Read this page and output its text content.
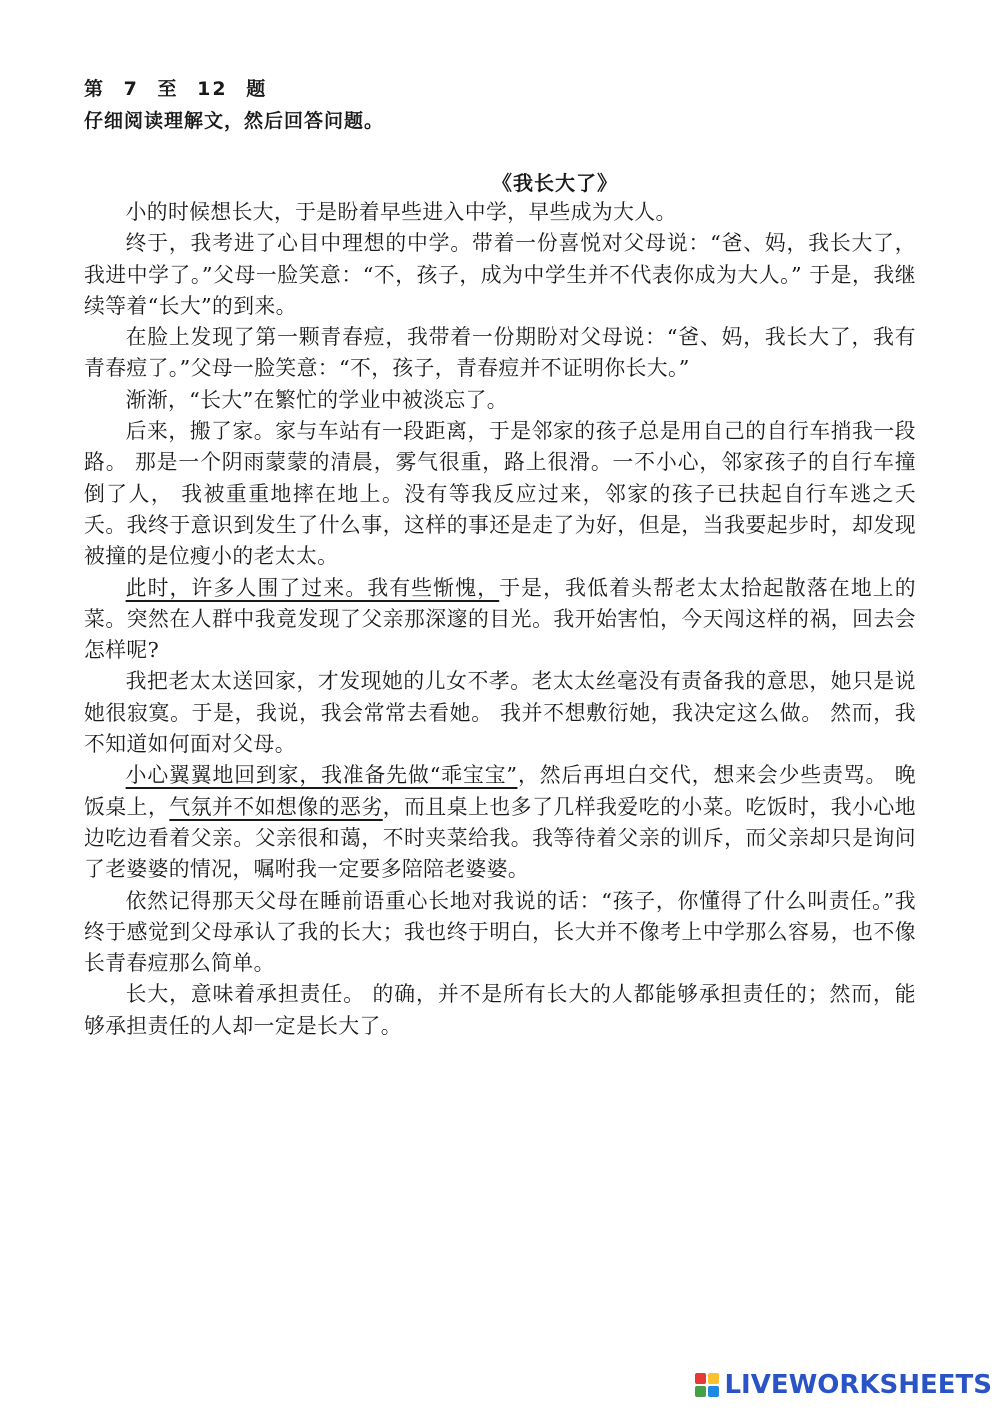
第 7 至 12 题
仔细阅读理解文，然后回答问题。
《我长大了》

小的时候想长大，于是盼着早些进入中学，早些成为大人。

终于，我考进了心目中理想的中学。带着一份喜悦对父母说：“爸、妈，我长大了，我进中学了。”父母一脸笑意：“不，孩子，成为中学生并不代表你成为大人。” 于是，我继续等着“长大”的到来。

在脸上发现了第一颗青春痘，我带着一份期盼对父母说：“爸、妈，我长大了，我有青春痘了。”父母一脸笑意：“不，孩子，青春痘并不证明你长大。”

渐渐，“长大”在繁忙的学业中被淡忘了。

后来，搬了家。家与车站有一段距离，于是邻家的孩子总是用自己的自行车捎我一段路。 那是一个阴雨蒙蒙的清晨，雾气很重，路上很滑。一不小心，邻家孩子的自行车撞倒了人， 我被重重地摔在地上。没有等我反应过来，邻家的孩子已扶起自行车逃之夭夭。我终于意识到发生了什么事，这样的事还是走了为好，但是，当我要起步时，却发现被撞的是位瘦小的老太太。

此时，许多人围了过来。我有些惭愧，于是，我低着头帮老太太拾起散落在地上的菜。突然在人群中我竟发现了父亲那深邃的目光。我开始害怕，今天闯这样的祸，回去会怎样呢?

我把老太太送回家，才发现她的儿女不孝。老太太丝毫没有责备我的意思，她只是说她很寂寞。于是，我说，我会常常去看她。 我并不想敷衍她，我决定这么做。 然而，我不知道如何面对父母。

小心翼翼地回到家，我准备先做“乖宝宝”，然后再坦白交代，想来会少些责骂。 晚饭桌上，气氛并不如想像的恶劣，而且桌上也多了几样我爱吃的小菜。吃饭时，我小心地边吃边看着父亲。父亲很和蔼，不时夹菜给我。我等待着父亲的训斥，而父亲却只是询问了老婆婆的情况，嘱咐我一定要多陪陪老婆婆。

依然记得那天父母在睡前语重心长地对我说的话：“孩子，你懂得了什么叫责任。”我终于感觉到父母承认了我的长大；我也终于明白，长大并不像考上中学那么容易，也不像长青春痘那么简单。

长大，意味着承担责任。 的确，并不是所有长大的人都能够承担责任的；然而，能够承担责任的人却一定是长大了。

LIVEWORKSHEETS
